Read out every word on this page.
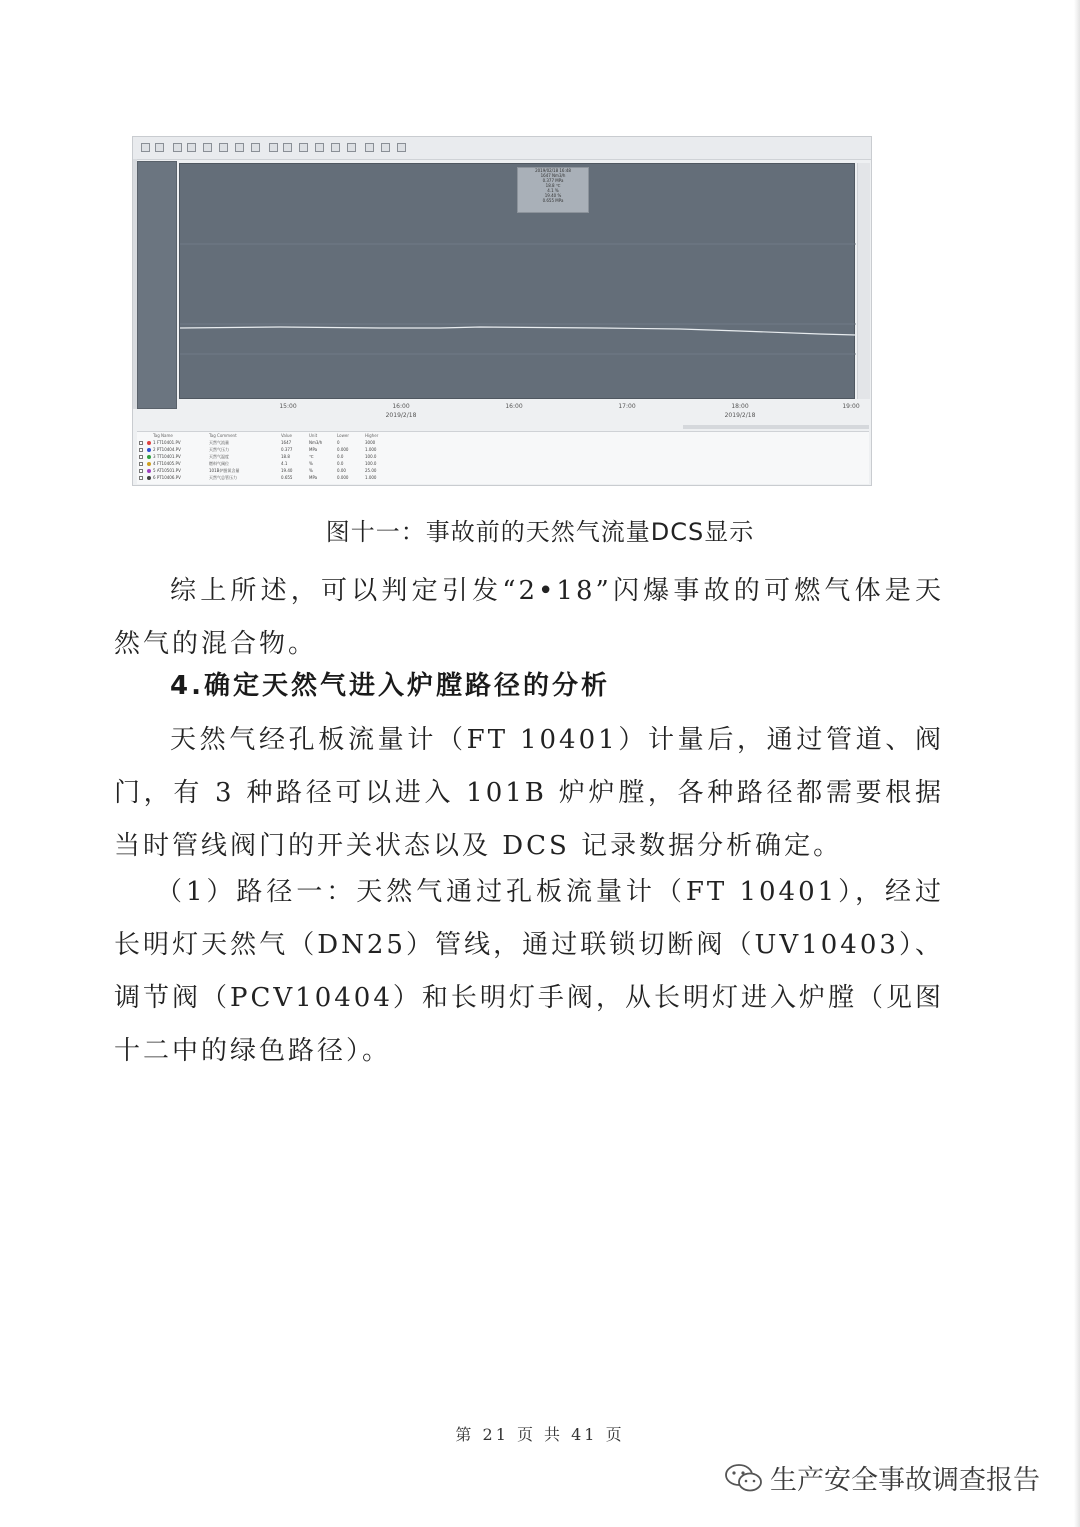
2019/02/18 16:48
1647 Nm3/h
0.377 MPa
18.8 ℃
4.1 %
19.40 %
0.655 MPa
15:00	16:00	16:00	17:00	18:00	19:00
2019/2/18	2019/2/18
Tag Name	Tag Comment	Value	Unit	Lower	Higher
1 FT10401.PV	天然气流量	1647	Nm3/h	0	3000
2 PT10404.PV	天然气压力	0.377	MPa	0.000	1.000
3 TT10401.PV	天然气温度	18.8	℃	0.0	100.0
4 FT10405.PV	燃料气阀位	4.1	%	0.0	100.0
5 AT10501.PV	101B炉膛氧含量	19.40	%	0.00	25.00
6 PT10406.PV	天然气总管压力	0.655	MPa	0.000	1.000
图十一：事故前的天然气流量DCS显示

综上所述，可以判定引发“2•18”闪爆事故的可燃气体是天然气的混合物。

4.确定天然气进入炉膛路径的分析

天然气经孔板流量计（FT 10401）计量后，通过管道、阀门，有 3 种路径可以进入 101B 炉炉膛，各种路径都需要根据当时管线阀门的开关状态以及 DCS 记录数据分析确定。

（1）路径一：天然气通过孔板流量计（FT 10401），经过长明灯天然气（DN25）管线，通过联锁切断阀（UV10403）、调节阀（PCV10404）和长明灯手阀，从长明灯进入炉膛（见图十二中的绿色路径）。

第 21 页 共 41 页
生产安全事故调查报告
